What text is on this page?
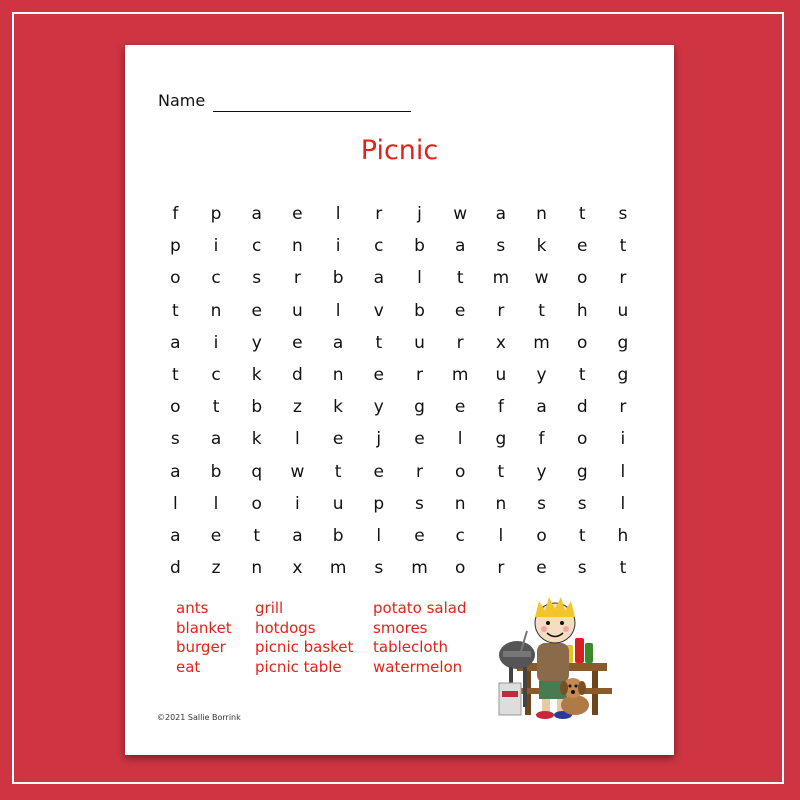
Name
Picnic
f	p	a	e	l	r	j	w	a	n	t	s
p	i	c	n	i	c	b	a	s	k	e	t
o	c	s	r	b	a	l	t	m	w	o	r
t	n	e	u	l	v	b	e	r	t	h	u
a	i	y	e	a	t	u	r	x	m	o	g
t	c	k	d	n	e	r	m	u	y	t	g
o	t	b	z	k	y	g	e	f	a	d	r
s	a	k	l	e	j	e	l	g	f	o	i
a	b	q	w	t	e	r	o	t	y	g	l
l	l	o	i	u	p	s	n	n	s	s	l
a	e	t	a	b	l	e	c	l	o	t	h
d	z	n	x	m	s	m	o	r	e	s	t
ants
blanket
burger
eat
grill
hotdogs
picnic basket
picnic table
potato salad
smores
tablecloth
watermelon
©2021 Sallie Borrink
